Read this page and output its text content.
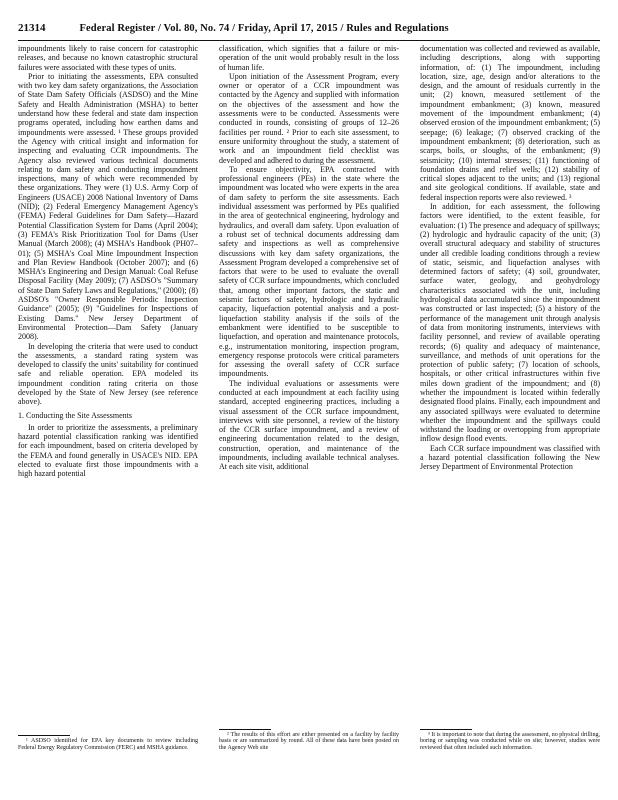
21314	Federal Register / Vol. 80, No. 74 / Friday, April 17, 2015 / Rules and Regulations

impoundments likely to raise concern for catastrophic releases, and because no known catastrophic structural failures were associated with these types of units.

Prior to initiating the assessments, EPA consulted with two key dam safety organizations, the Association of State Dam Safety Officials (ASDSO) and the Mine Safety and Health Administration (MSHA) to better understand how these federal and state dam inspection programs operated, including how earthen dams and impoundments were assessed. ¹ These groups provided the Agency with critical insight and information for inspecting and evaluating CCR impoundments. The Agency also reviewed various technical documents relating to dam safety and conducting impoundment inspections, many of which were recommended by these organizations. They were (1) U.S. Army Corp of Engineers (USACE) 2008 National Inventory of Dams (NID); (2) Federal Emergency Management Agency's (FEMA) Federal Guidelines for Dam Safety—Hazard Potential Classification System for Dams (April 2004); (3) FEMA's Risk Prioritization Tool for Dams (User Manual (March 2008); (4) MSHA's Handbook (PH07–01); (5) MSHA's Coal Mine Impoundment Inspection and Plan Review Handbook (October 2007); and (6) MSHA's Engineering and Design Manual: Coal Refuse Disposal Facility (May 2009); (7) ASDSO's "Summary of State Dam Safety Laws and Regulations," (2000); (8) ASDSO's "Owner Responsible Periodic Inspection Guidance" (2005); (9) "Guidelines for Inspections of Existing Dams." New Jersey Department of Environmental Protection—Dam Safety (January 2008).

In developing the criteria that were used to conduct the assessments, a standard rating system was developed to classify the units' suitability for continued safe and reliable operation. EPA modeled its impoundment condition rating criteria on those developed by the State of New Jersey (see reference above).

1. Conducting the Site Assessments

In order to prioritize the assessments, a preliminary hazard potential classification ranking was identified for each impoundment, based on criteria developed by the FEMA and found generally in USACE's NID. EPA elected to evaluate first those impoundments with a high hazard potential

¹ ASDSO identified for EPA key documents to review including Federal Energy Regulatory Commission (FERC) and MSHA guidance.

classification, which signifies that a failure or mis-operation of the unit would probably result in the loss of human life.

Upon initiation of the Assessment Program, every owner or operator of a CCR impoundment was contacted by the Agency and supplied with information on the objectives of the assessment and how the assessments were to be conducted. Assessments were conducted in rounds, consisting of groups of 12–26 facilities per round. ² Prior to each site assessment, to ensure uniformity throughout the study, a statement of work and an impoundment field checklist was developed and adhered to during the assessment.

To ensure objectivity, EPA contracted with professional engineers (PEs) in the state where the impoundment was located who were experts in the area of dam safety to perform the site assessments. Each individual assessment was performed by PEs qualified in the area of geotechnical engineering, hydrology and hydraulics, and overall dam safety. Upon evaluation of a robust set of technical documents addressing dam safety and inspections as well as comprehensive discussions with key dam safety organizations, the Assessment Program developed a comprehensive set of factors that were to be used to evaluate the overall safety of CCR surface impoundments, which concluded that, among other important factors, the static and seismic factors of safety, hydrologic and hydraulic capacity, liquefaction potential analysis and a post-liquefaction stability analysis if the soils of the embankment were identified to be susceptible to liquefaction, and operation and maintenance protocols, e.g., instrumentation monitoring, inspection program, emergency response protocols were critical parameters for assessing the overall safety of CCR surface impoundments.

The individual evaluations or assessments were conducted at each impoundment at each facility using standard, accepted engineering practices, including a visual assessment of the CCR surface impoundment, interviews with site personnel, a review of the history of the CCR surface impoundment, and a review of engineering documentation related to the design, construction, operation, and maintenance of the impoundments, including available technical analyses. At each site visit, additional

² The results of this effort are either presented on a facility by facility basis or are summarized by round. All of these data have been posted on the Agency Web site

documentation was collected and reviewed as available, including descriptions, along with supporting information, of: (1) The impoundment, including location, size, age, design and/or alterations to the design, and the amount of residuals currently in the unit; (2) known, measured settlement of the impoundment embankment; (3) known, measured movement of the impoundment embankment; (4) observed erosion of the impoundment embankment; (5) seepage; (6) leakage; (7) observed cracking of the impoundment embankment; (8) deterioration, such as scarps, boils, or sloughs, of the embankment; (9) seismicity; (10) internal stresses; (11) functioning of foundation drains and relief wells; (12) stability of critical slopes adjacent to the units; and (13) regional and site geological conditions. If available, state and federal inspection reports were also reviewed. ³

In addition, for each assessment, the following factors were identified, to the extent feasible, for evaluation: (1) The presence and adequacy of spillways; (2) hydrologic and hydraulic capacity of the unit; (3) overall structural adequacy and stability of structures under all credible loading conditions through a review of static, seismic, and liquefaction analyses with determined factors of safety; (4) soil, groundwater, surface water, geology, and geohydrology characteristics associated with the unit, including hydrological data accumulated since the impoundment was constructed or last inspected; (5) a history of the performance of the management unit through analysis of data from monitoring instruments, interviews with facility personnel, and review of available operating records; (6) quality and adequacy of maintenance, surveillance, and methods of unit operations for the protection of public safety; (7) location of schools, hospitals, or other critical infrastructures within five miles down gradient of the impoundment; and (8) whether the impoundment is located within federally designated flood plains. Finally, each impoundment and any associated spillways were evaluated to determine whether the impoundment and the spillways could withstand the loading or overtopping from appropriate inflow design flood events.

Each CCR surface impoundment was classified with a hazard potential classification following the New Jersey Department of Environmental Protection

³ It is important to note that during the assessment, no physical drilling, boring or sampling was conducted while on site; however, studies were reviewed that often included such information.
